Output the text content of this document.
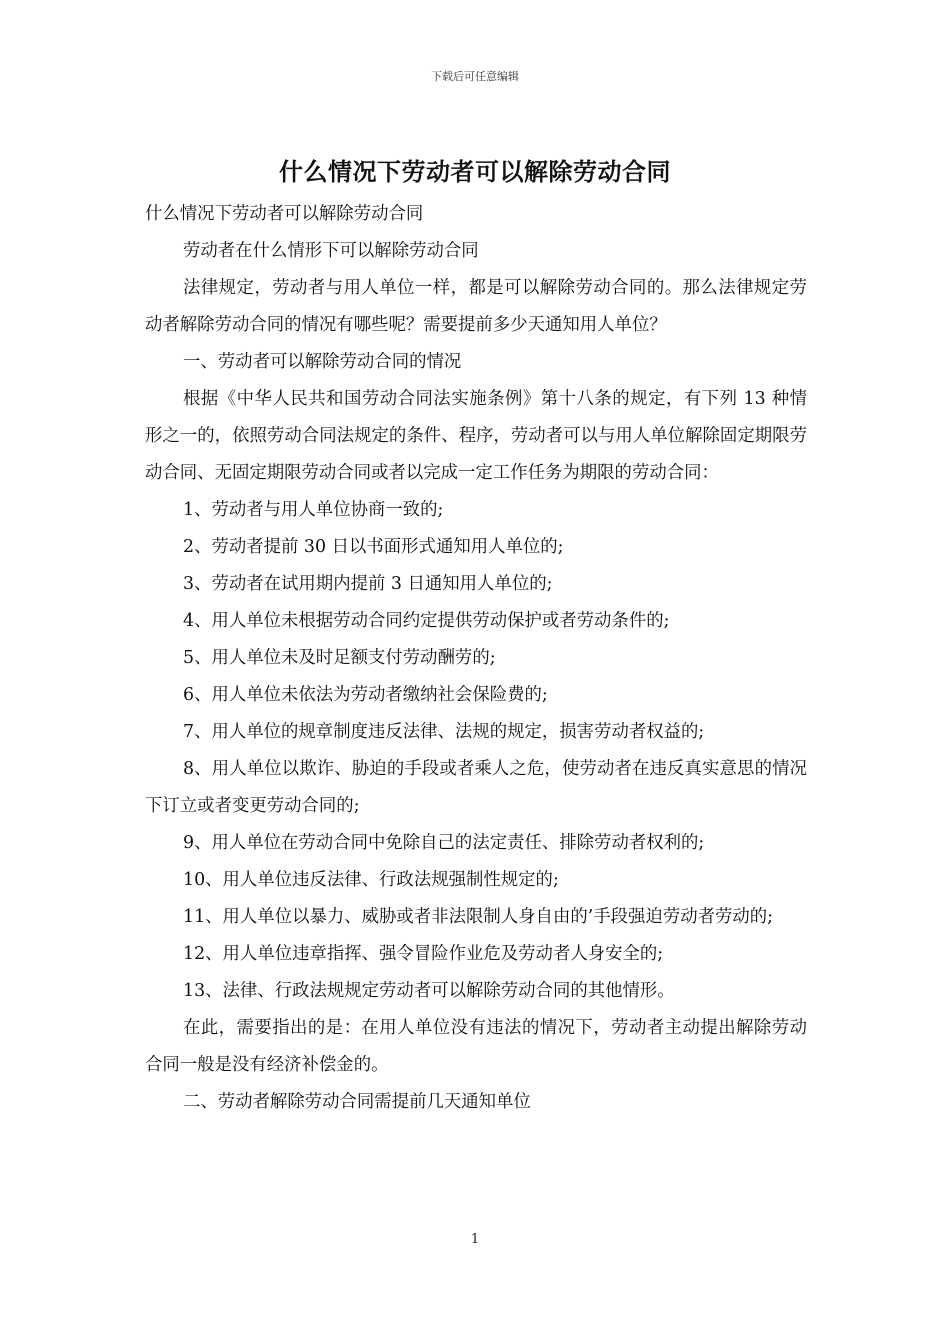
下载后可任意编辑
什么情况下劳动者可以解除劳动合同

什么情况下劳动者可以解除劳动合同

劳动者在什么情形下可以解除劳动合同

法律规定，劳动者与用人单位一样，都是可以解除劳动合同的。那么法律规定劳动者解除劳动合同的情况有哪些呢？需要提前多少天通知用人单位？

一、劳动者可以解除劳动合同的情况

根据《中华人民共和国劳动合同法实施条例》第十八条的规定，有下列 13 种情形之一的，依照劳动合同法规定的条件、程序，劳动者可以与用人单位解除固定期限劳动合同、无固定期限劳动合同或者以完成一定工作任务为期限的劳动合同：

1、劳动者与用人单位协商一致的;

2、劳动者提前 30 日以书面形式通知用人单位的;

3、劳动者在试用期内提前 3 日通知用人单位的;

4、用人单位未根据劳动合同约定提供劳动保护或者劳动条件的;

5、用人单位未及时足额支付劳动酬劳的;

6、用人单位未依法为劳动者缴纳社会保险费的;

7、用人单位的规章制度违反法律、法规的规定，损害劳动者权益的;

8、用人单位以欺诈、胁迫的手段或者乘人之危，使劳动者在违反真实意思的情况下订立或者变更劳动合同的;

9、用人单位在劳动合同中免除自己的法定责任、排除劳动者权利的;

10、用人单位违反法律、行政法规强制性规定的;

11、用人单位以暴力、威胁或者非法限制人身自由的’手段强迫劳动者劳动的;

12、用人单位违章指挥、强令冒险作业危及劳动者人身安全的;

13、法律、行政法规规定劳动者可以解除劳动合同的其他情形。

在此，需要指出的是：在用人单位没有违法的情况下，劳动者主动提出解除劳动合同一般是没有经济补偿金的。

二、劳动者解除劳动合同需提前几天通知单位

1
